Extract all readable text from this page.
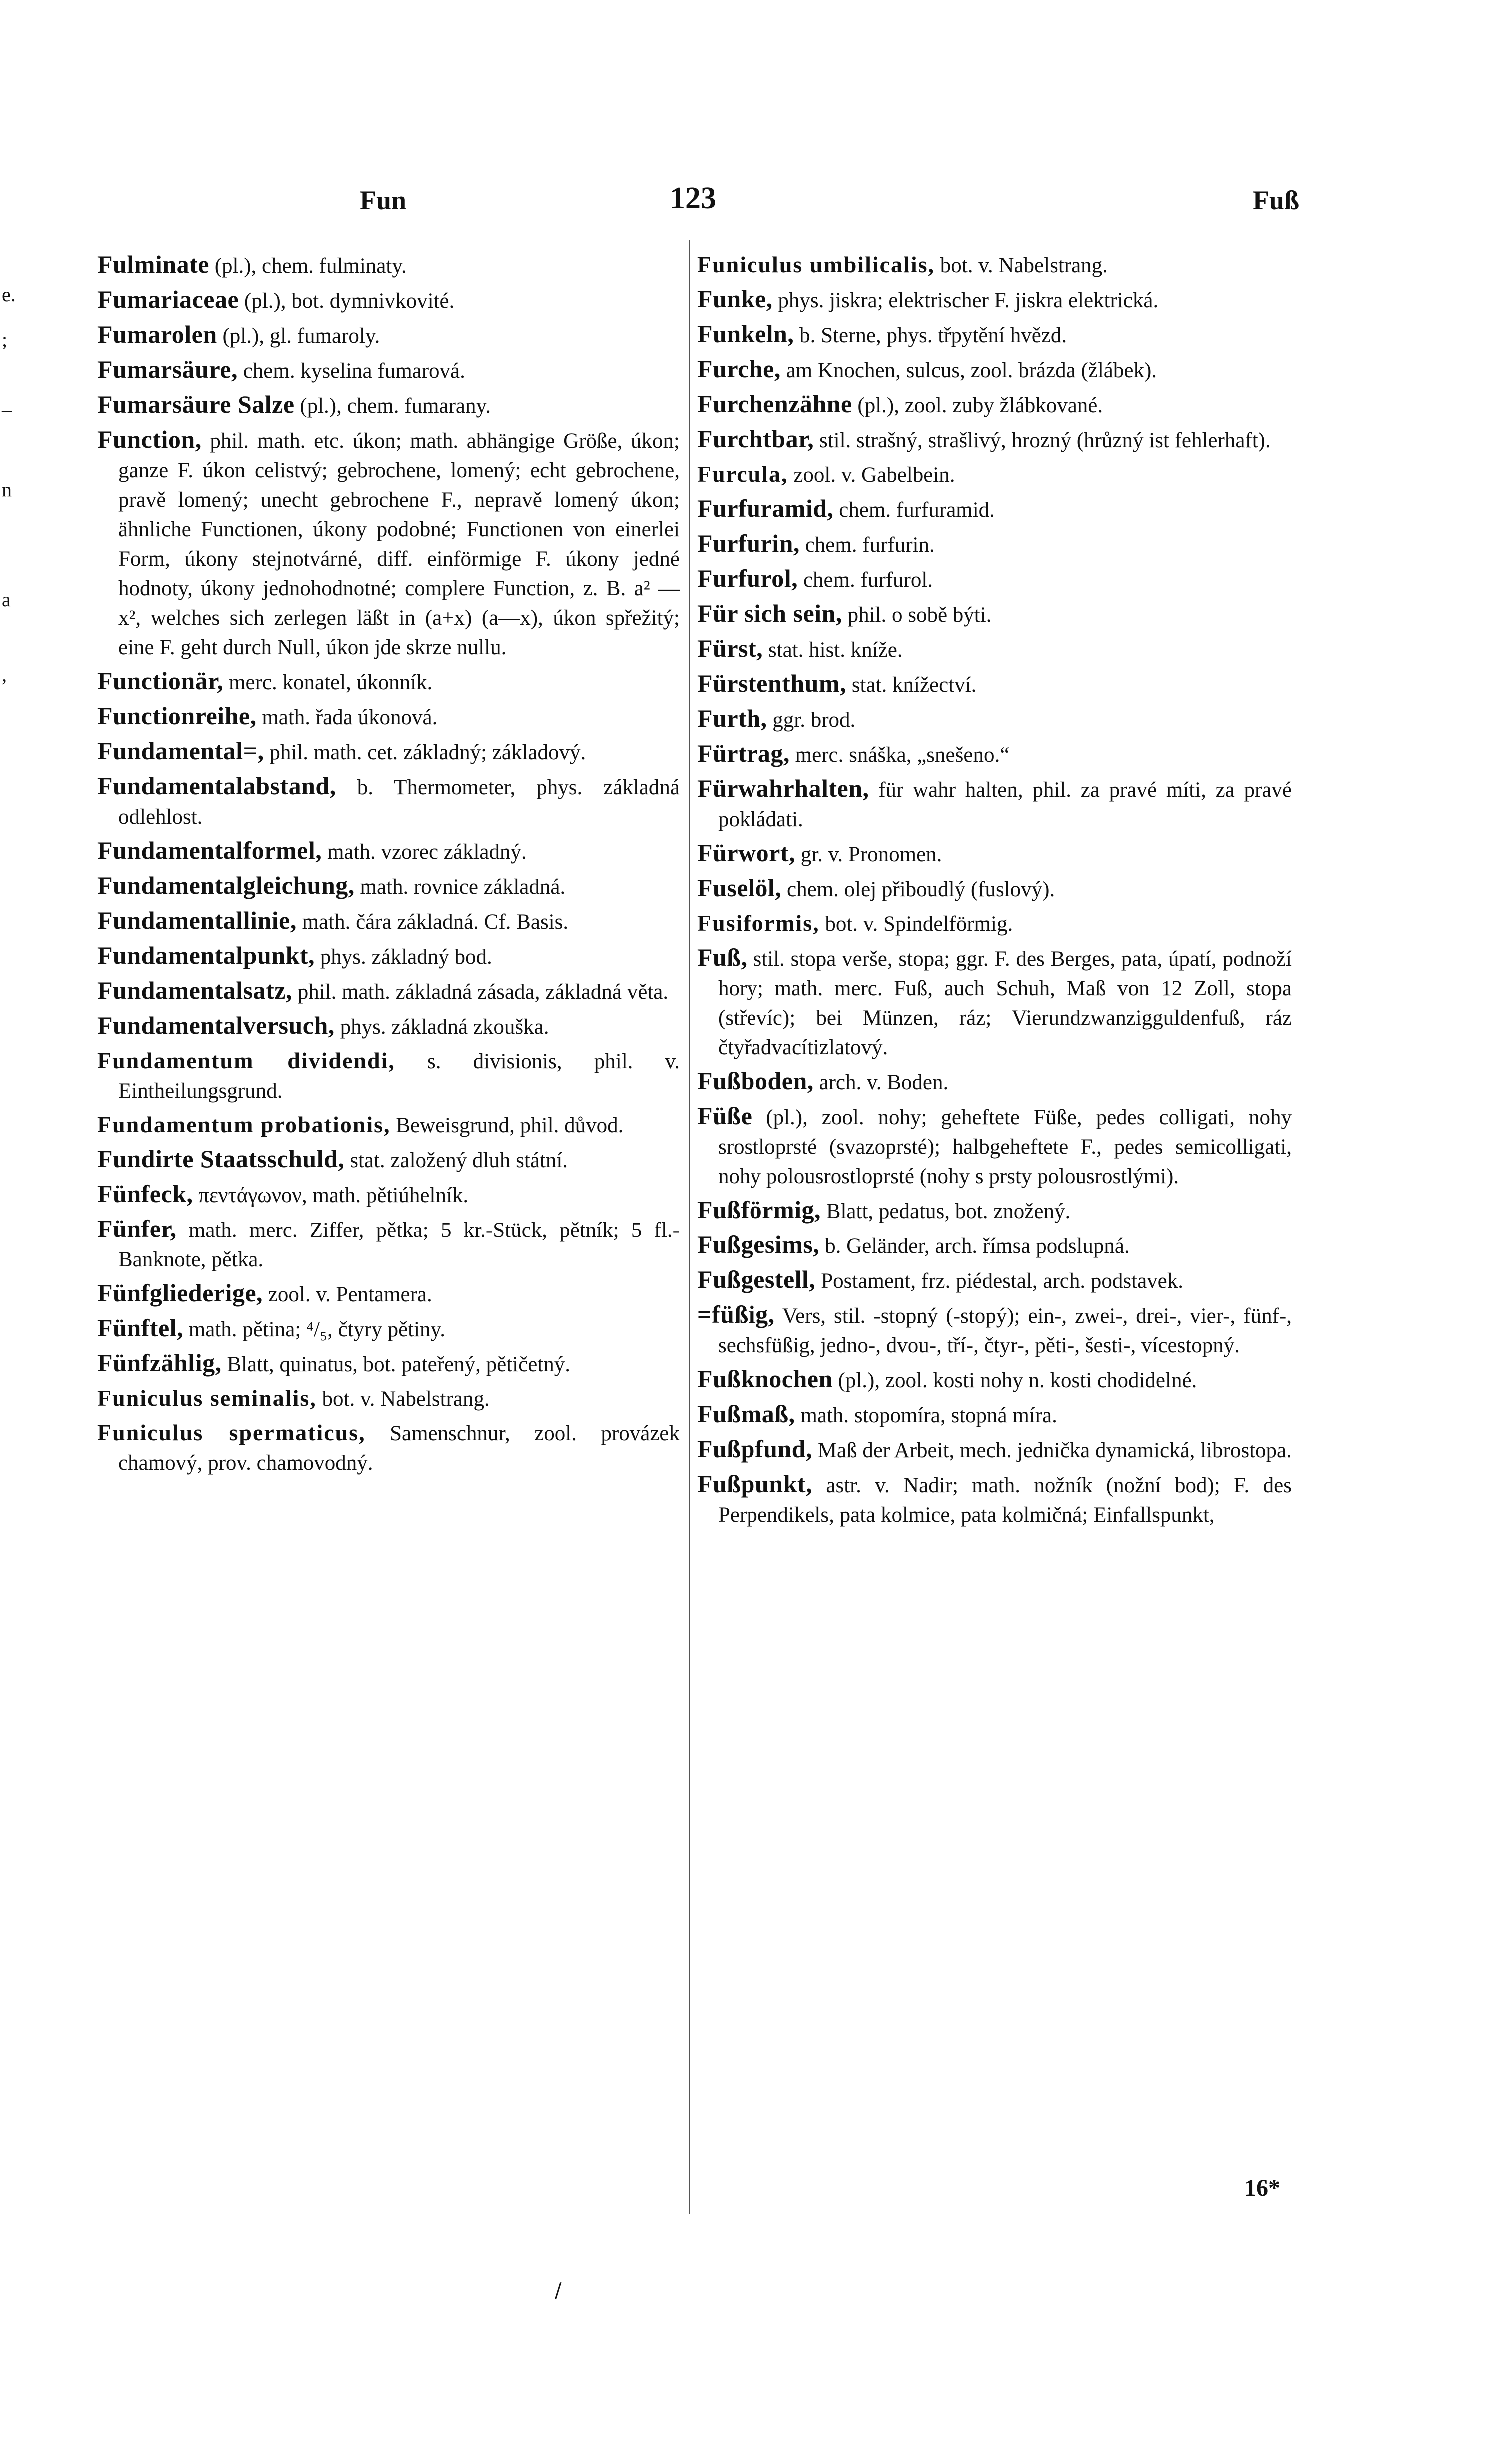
e.
;
–
n
a
,
Fun	123	Fuß
Fulminate (pl.), chem. fulminaty.
Fumariaceae (pl.), bot. dymnivkovité.
Fumarolen (pl.), gl. fumaroly.
Fumarsäure, chem. kyselina fumarová.
Fumarsäure Salze (pl.), chem. fumarany.
Function, phil. math. etc. úkon; math. abhängige Größe, úkon; ganze F. úkon celistvý; gebrochene, lomený; echt gebrochene, pravě lomený; unecht gebrochene F., nepravě lomený úkon; ähnliche Functionen, úkony podobné; Functionen von einerlei Form, úkony stejnotvárné, diff. einförmige F. úkony jedné hodnoty, úkony jednohodnotné; complere Function, z. B. a² — x², welches sich zerlegen läßt in (a+x) (a—x), úkon spřežitý; eine F. geht durch Null, úkon jde skrze nullu.
Functionär, merc. konatel, úkonník.
Functionreihe, math. řada úkonová.
Fundamental=, phil. math. cet. základný; základový.
Fundamentalabstand, b. Thermometer, phys. základná odlehlost.
Fundamentalformel, math. vzorec základný.
Fundamentalgleichung, math. rovnice základná.
Fundamentallinie, math. čára základná. Cf. Basis.
Fundamentalpunkt, phys. základný bod.
Fundamentalsatz, phil. math. základná zásada, základná věta.
Fundamentalversuch, phys. základná zkouška.
Fundamentum dividendi, s. divisionis, phil. v. Eintheilungsgrund.
Fundamentum probationis, Beweisgrund, phil. důvod.
Fundirte Staatsschuld, stat. založený dluh státní.
Fünfeck, πεντάγωνον, math. pětiúhelník.
Fünfer, math. merc. Ziffer, pětka; 5 kr.-Stück, pětník; 5 fl.-Banknote, pětka.
Fünfgliederige, zool. v. Pentamera.
Fünftel, math. pětina; ⁴/₅, čtyry pětiny.
Fünfzählig, Blatt, quinatus, bot. pateřený, pětičetný.
Funiculus seminalis, bot. v. Nabelstrang.
Funiculus spermaticus, Samenschnur, zool. provázek chamový, prov. chamovodný.
Funiculus umbilicalis, bot. v. Nabelstrang.
Funke, phys. jiskra; elektrischer F. jiskra elektrická.
Funkeln, b. Sterne, phys. třpytění hvězd.
Furche, am Knochen, sulcus, zool. brázda (žlábek).
Furchenzähne (pl.), zool. zuby žlábkované.
Furchtbar, stil. strašný, strašlivý, hrozný (hrůzný ist fehlerhaft).
Furcula, zool. v. Gabelbein.
Furfuramid, chem. furfuramid.
Furfurin, chem. furfurin.
Furfurol, chem. furfurol.
Für sich sein, phil. o sobě býti.
Fürst, stat. hist. kníže.
Fürstenthum, stat. knížectví.
Furth, ggr. brod.
Fürtrag, merc. snáška, „snešeno.“
Fürwahrhalten, für wahr halten, phil. za pravé míti, za pravé pokládati.
Fürwort, gr. v. Pronomen.
Fuselöl, chem. olej přiboudlý (fuslový).
Fusiformis, bot. v. Spindelförmig.
Fuß, stil. stopa verše, stopa; ggr. F. des Berges, pata, úpatí, podnoží hory; math. merc. Fuß, auch Schuh, Maß von 12 Zoll, stopa (střevíc); bei Münzen, ráz; Vierundzwanzigguldenfuß, ráz čtyřadvacítizlatový.
Fußboden, arch. v. Boden.
Füße (pl.), zool. nohy; geheftete Füße, pedes colligati, nohy srostloprsté (svazoprsté); halbgeheftete F., pedes semicolligati, nohy polousrostloprsté (nohy s prsty polousrostlými).
Fußförmig, Blatt, pedatus, bot. znožený.
Fußgesims, b. Geländer, arch. římsa podslupná.
Fußgestell, Postament, frz. piédestal, arch. podstavek.
=füßig, Vers, stil. -stopný (-stopý); ein-, zwei-, drei-, vier-, fünf-, sechsfüßig, jedno-, dvou-, tří-, čtyr-, pěti-, šesti-, vícestopný.
Fußknochen (pl.), zool. kosti nohy n. kosti chodidelné.
Fußmaß, math. stopomíra, stopná míra.
Fußpfund, Maß der Arbeit, mech. jednička dynamická, librostopa.
Fußpunkt, astr. v. Nadir; math. nožník (nožní bod); F. des Perpendikels, pata kolmice, pata kolmičná; Einfallspunkt,
16*
/
